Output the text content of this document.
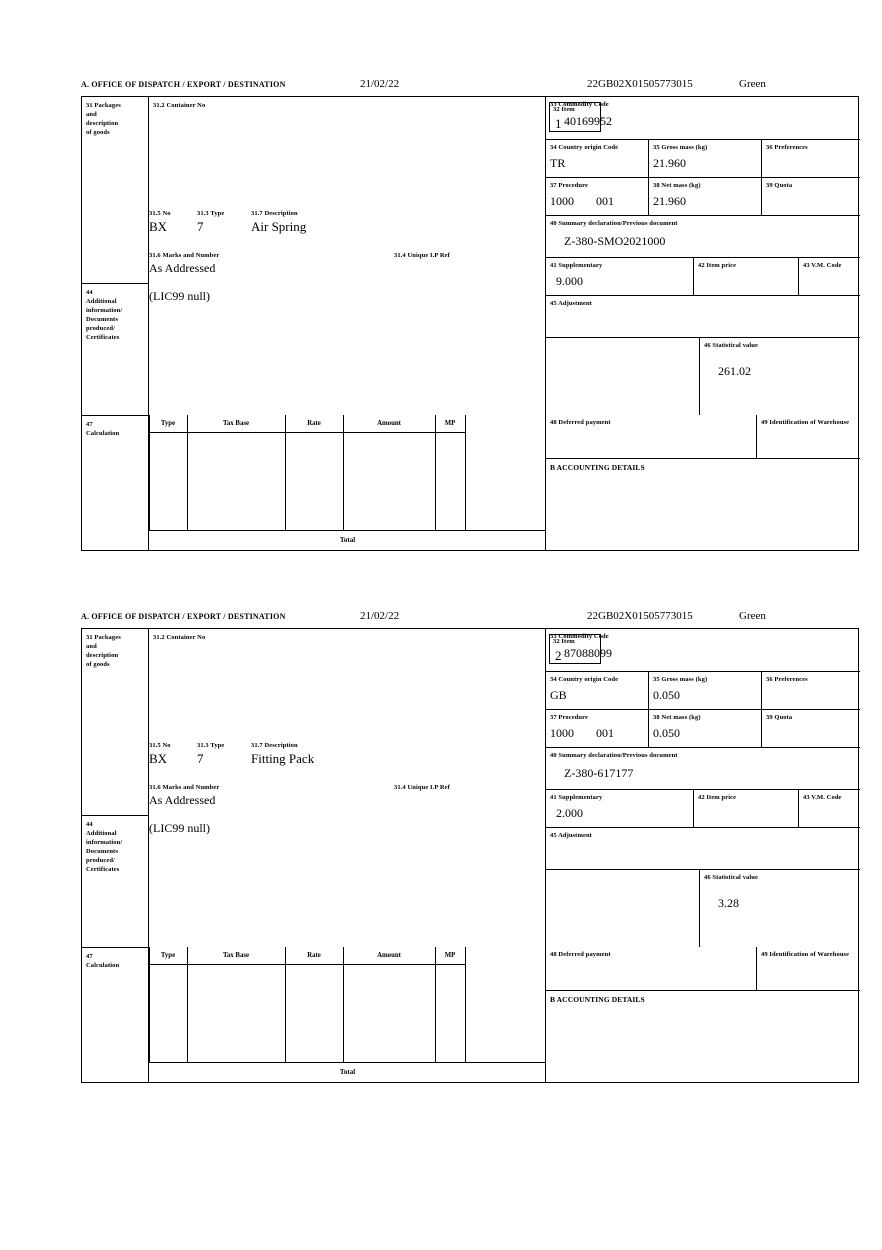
A. OFFICE OF DISPATCH / EXPORT / DESTINATION	21/02/22	22GB02X01505773015	Green
31 Packages
and
description
of goods
44
Additional
information/
Documents
produced/
Certificates
47
Calculation
31.2 Container No
32 Item
1
31.5 No	31.3 Type	31.7 Description
BX 7	Air Spring
31.6 Marks and Number	31.4 Unique I.P Ref
As Addressed
(LIC99 null)
33 Commodity Code
40169952
34 Country origin Code
TR
35 Gross mass (kg)
21.960
36 Preferences
37 Procedure
1000 001
38 Net mass (kg)
21.960
39 Quota
40 Summary declaration/Previous document
Z-380-SMO2021000
41 Supplementary
9.000
42 Item price	43 V.M. Code
45 Adjustment
46 Statistical value
261.02
Type	Tax Base	Rate	Amount	MP
Total
48 Deferred payment	49 Identification of Warehouse
B ACCOUNTING DETAILS
A. OFFICE OF DISPATCH / EXPORT / DESTINATION	21/02/22	22GB02X01505773015	Green
31 Packages
and
description
of goods
44
Additional
information/
Documents
produced/
Certificates
47
Calculation
31.2 Container No
32 Item
2
31.5 No	31.3 Type	31.7 Description
BX 7	Fitting Pack
31.6 Marks and Number	31.4 Unique I.P Ref
As Addressed
(LIC99 null)
33 Commodity Code
87088099
34 Country origin Code
GB
35 Gross mass (kg)
0.050
36 Preferences
37 Procedure
1000 001
38 Net mass (kg)
0.050
39 Quota
40 Summary declaration/Previous document
Z-380-617177
41 Supplementary
2.000
42 Item price	43 V.M. Code
45 Adjustment
46 Statistical value
3.28
Type	Tax Base	Rate	Amount	MP
Total
48 Deferred payment	49 Identification of Warehouse
B ACCOUNTING DETAILS
